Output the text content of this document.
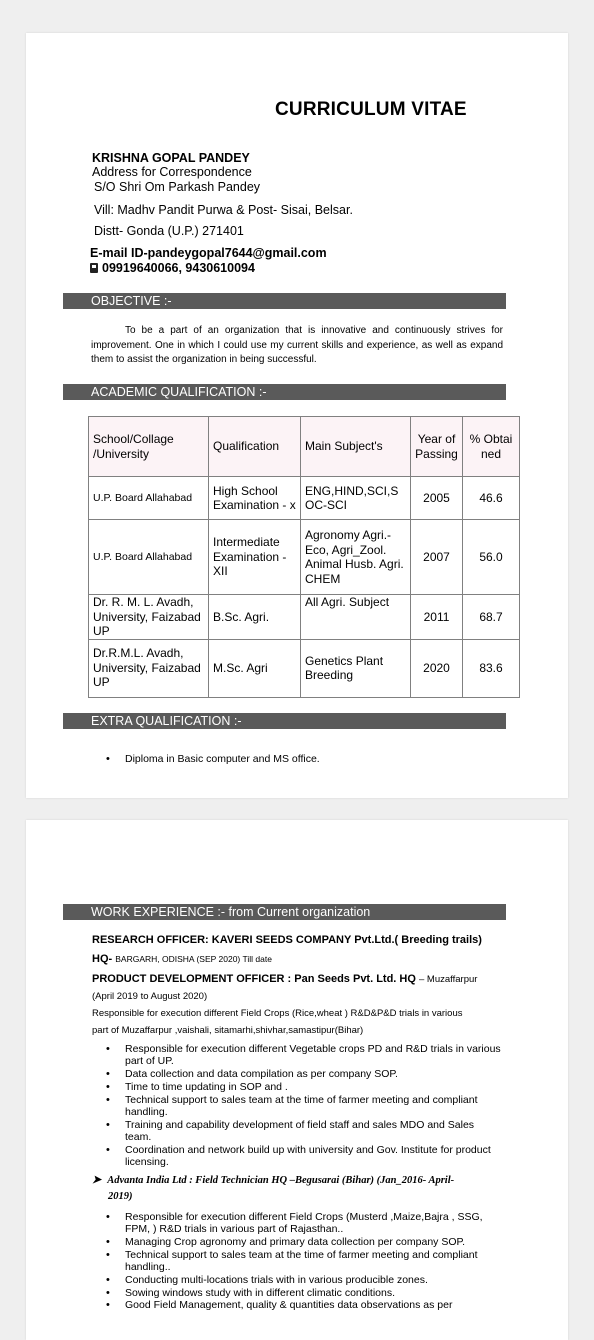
CURRICULUM VITAE
KRISHNA GOPAL PANDEY
Address for Correspondence
S/O Shri Om Parkash Pandey
Vill: Madhv Pandit Purwa & Post- Sisai, Belsar.
Distt- Gonda (U.P.) 271401
E-mail ID-pandeygopal7644@gmail.com
09919640066, 9430610094
OBJECTIVE :-
To be a part of an organization that is innovative and continuously strives for improvement. One in which I could use my current skills and experience, as well as expand them to assist the organization in being successful.
ACADEMIC QUALIFICATION :-
School/Collage /University	Qualification	Main Subject's	Year of Passing	% Obtained
U.P. Board Allahabad	High School Examination - x	ENG,HIND,SCI,SOC-SCI	2005	46.6
U.P. Board Allahabad	Intermediate Examination - XII	Agronomy Agri.-Eco, Agri_Zool. Animal Husb. Agri. CHEM	2007	56.0
Dr. R. M. L. Avadh, University, Faizabad UP	B.Sc. Agri.	All Agri. Subject	2011	68.7
Dr.R.M.L. Avadh, University, Faizabad UP	M.Sc. Agri	Genetics Plant Breeding	2020	83.6
EXTRA QUALIFICATION :-
• Diploma in Basic computer and MS office.
WORK EXPERIENCE :- from Current organization
RESEARCH OFFICER: KAVERI SEEDS COMPANY Pvt.Ltd.( Breeding trails)
HQ- BARGARH, ODISHA (SEP 2020) Till date
PRODUCT DEVELOPMENT OFFICER : Pan Seeds Pvt. Ltd. HQ – Muzaffarpur
(April 2019 to August 2020)
Responsible for execution different Field Crops (Rice,wheat ) R&D&P&D trials in various
part of Muzaffarpur ,vaishali, sitamarhi,shivhar,samastipur(Bihar)
• Responsible for execution different Vegetable crops PD and R&D trials in various part of UP.
• Data collection and data compilation as per company SOP.
• Time to time updating in SOP and .
• Technical support to sales team at the time of farmer meeting and compliant handling.
• Training and capability development of field staff and sales MDO and Sales team.
• Coordination and network build up with university and Gov. Institute for product licensing.
➤ Advanta India Ltd : Field Technician HQ –Begusarai (Bihar) (Jan_2016- April-
2019)
• Responsible for execution different Field Crops (Musterd ,Maize,Bajra , SSG, FPM, ) R&D trials in various part of Rajasthan..
• Managing Crop agronomy and primary data collection per company SOP.
• Technical support to sales team at the time of farmer meeting and compliant handling..
• Conducting multi-locations trials with in various producible zones.
• Sowing windows study with in different climatic conditions.
• Good Field Management, quality & quantities data observations as per
